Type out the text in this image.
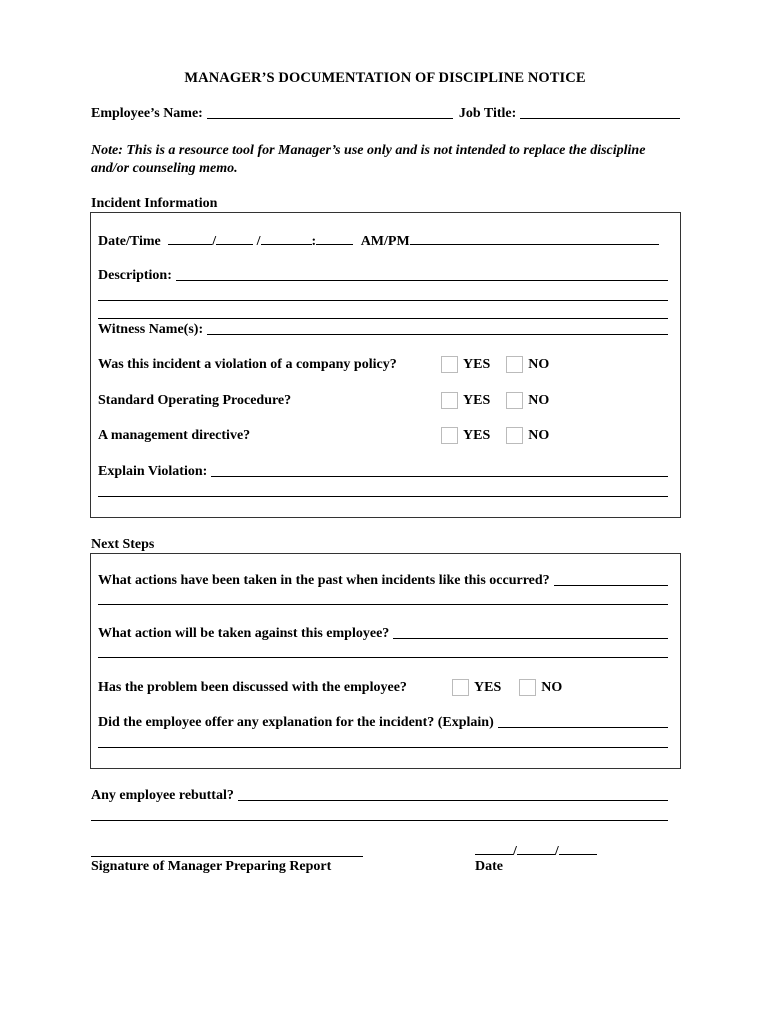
MANAGER’S DOCUMENTATION OF DISCIPLINE NOTICE
Employee’s Name:	Job Title:
Note: This is a resource tool for Manager’s use only and is not intended to replace the discipline and/or counseling memo.
Incident Information
Date/Time	/	/	:	AM/PM
Description:
Witness Name(s):
Was this incident a violation of a company policy?	YES	NO
Standard Operating Procedure?	YES	NO
A management directive?	YES	NO
Explain Violation:
Next Steps
What actions have been taken in the past when incidents like this occurred?
What action will be taken against this employee?
Has the problem been discussed with the employee?	YES	NO
Did the employee offer any explanation for the incident? (Explain)
Any employee rebuttal?
Signature of Manager Preparing Report
/	/
Date
